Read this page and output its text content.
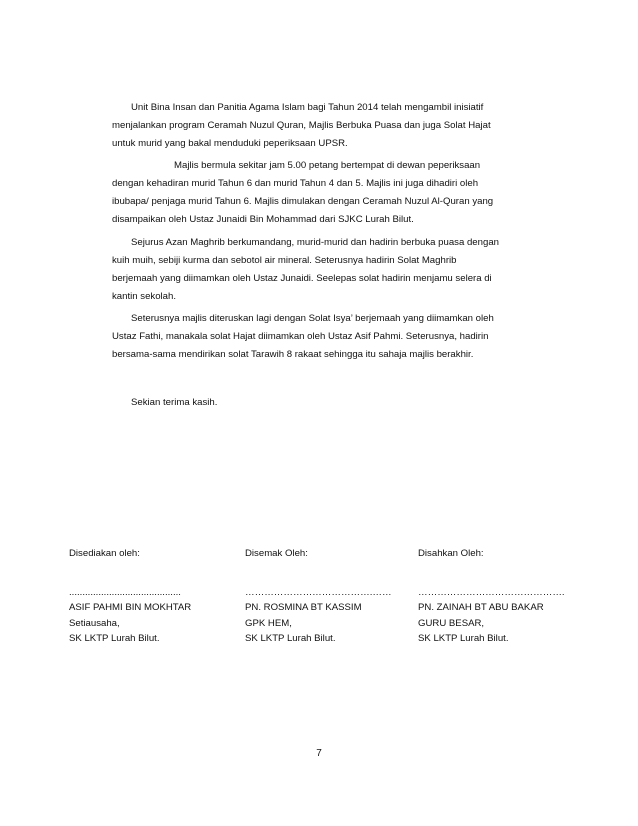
Unit Bina Insan dan Panitia Agama Islam bagi Tahun 2014 telah mengambil inisiatif
menjalankan program Ceramah Nuzul Quran, Majlis Berbuka Puasa dan juga Solat Hajat
untuk murid yang bakal menduduki peperiksaan UPSR.

Majlis bermula sekitar jam 5.00 petang bertempat di dewan peperiksaan
dengan kehadiran murid Tahun 6 dan murid Tahun 4 dan 5. Majlis ini juga dihadiri oleh
ibubapa/ penjaga murid Tahun 6. Majlis dimulakan dengan Ceramah Nuzul Al-Quran yang
disampaikan oleh Ustaz Junaidi Bin Mohammad dari SJKC Lurah Bilut.

Sejurus Azan Maghrib berkumandang, murid-murid dan hadirin berbuka puasa dengan
kuih muih, sebiji kurma dan sebotol air mineral. Seterusnya hadirin Solat Maghrib
berjemaah yang diimamkan oleh Ustaz Junaidi. Seelepas solat hadirin menjamu selera di
kantin sekolah.

Seterusnya majlis diteruskan lagi dengan Solat Isya’ berjemaah yang diimamkan oleh
Ustaz Fathi, manakala solat Hajat diimamkan oleh Ustaz Asif Pahmi. Seterusnya, hadirin
bersama-sama mendirikan solat Tarawih 8 rakaat sehingga itu sahaja majlis berakhir.

Sekian terima kasih.

Disediakan oleh:
..........................................
ASIF PAHMI BIN MOKHTAR
Setiausaha,
SK LKTP Lurah Bilut.
Disemak Oleh:
………………………………….……
PN. ROSMINA BT KASSIM
GPK HEM,
SK LKTP Lurah Bilut.
Disahkan Oleh:
……………………………………….
PN. ZAINAH BT ABU BAKAR
GURU BESAR,
SK LKTP Lurah Bilut.
7
